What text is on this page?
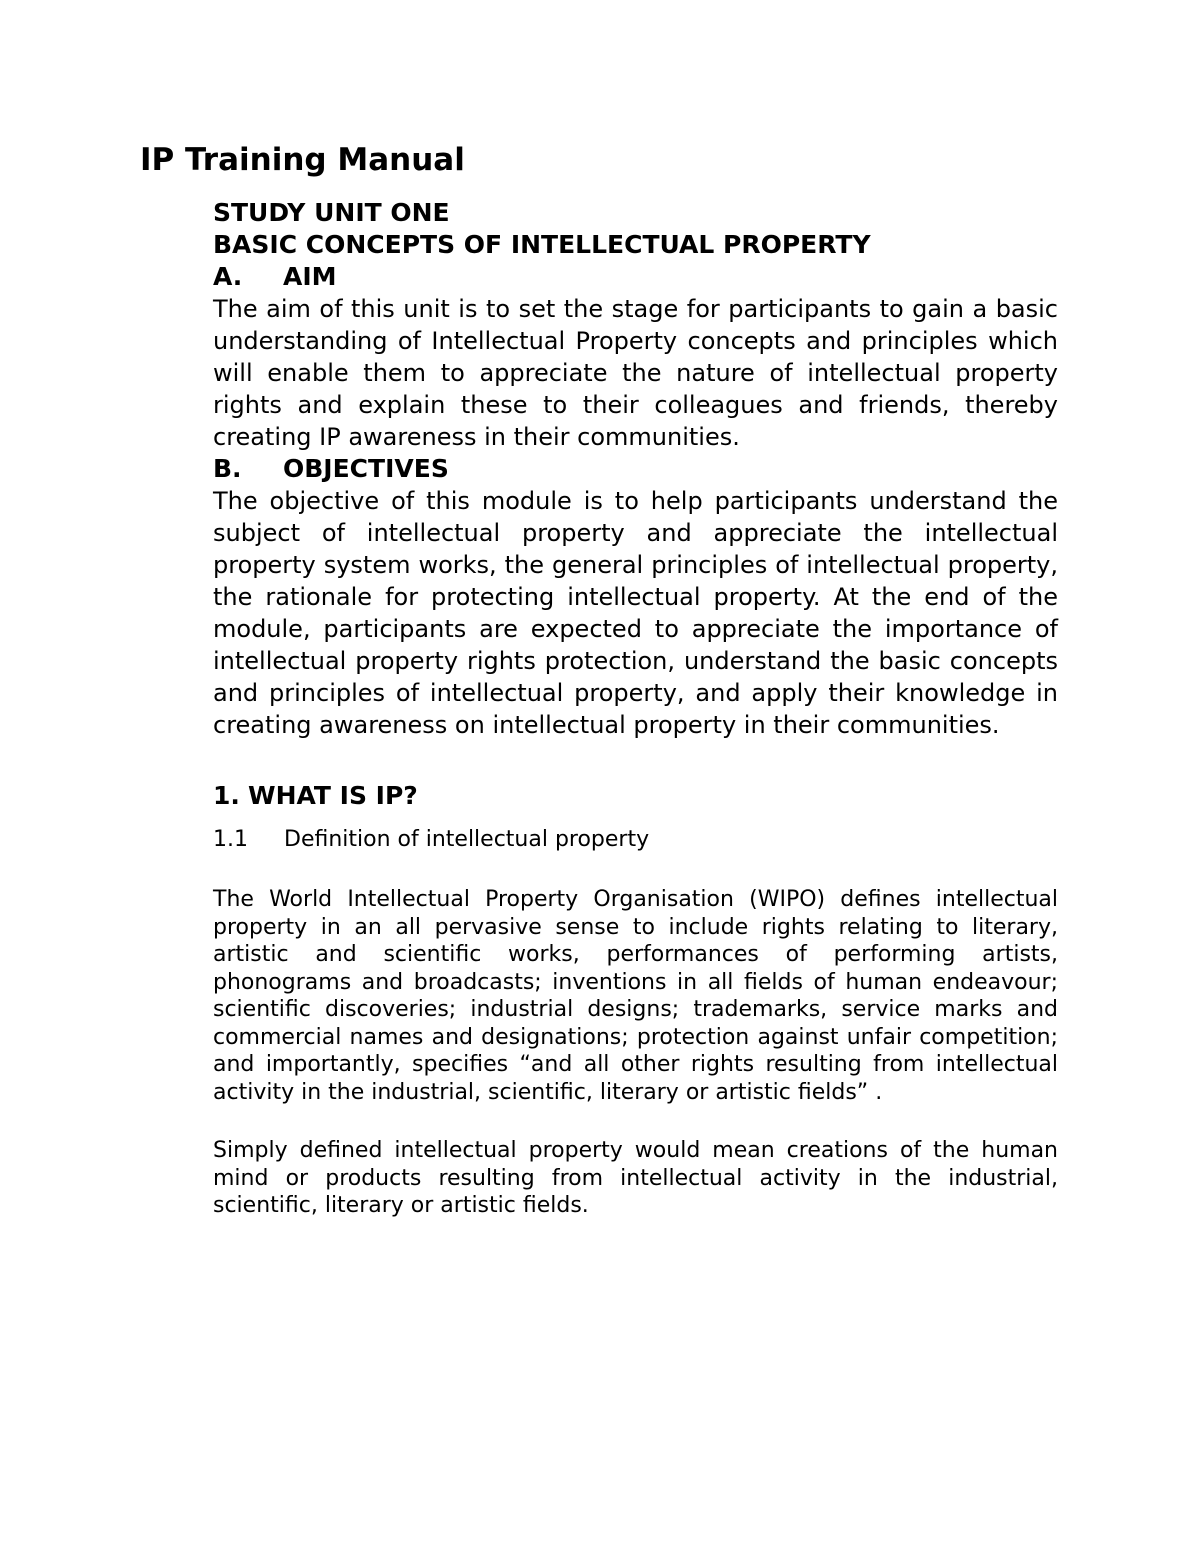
IP Training Manual

STUDY UNIT ONE

BASIC CONCEPTS OF INTELLECTUAL PROPERTY

A.	AIM

The aim of this unit is to set the stage for participants to gain a basic understanding of Intellectual Property concepts and principles which will enable them to appreciate the nature of intellectual property rights and explain these to their colleagues and friends, thereby creating IP awareness in their communities.

B.	OBJECTIVES

The objective of this module is to help participants understand the subject of intellectual property and appreciate the intellectual property system works, the general principles of intellectual property, the rationale for protecting intellectual property. At the end of the module, participants are expected to appreciate the importance of intellectual property rights protection, understand the basic concepts and principles of intellectual property, and apply their knowledge in creating awareness on intellectual property in their communities.

1. WHAT IS IP?
1.1	Definition of intellectual property

The World Intellectual Property Organisation (WIPO) defines intellectual property in an all pervasive sense to include rights relating to literary, artistic and scientific works, performances of performing artists, phonograms and broadcasts; inventions in all fields of human endeavour; scientific discoveries; industrial designs; trademarks, service marks and commercial names and designations; protection against unfair competition; and importantly, specifies “and all other rights resulting from intellectual activity in the industrial, scientific, literary or artistic fields” .

Simply defined intellectual property would mean creations of the human mind or products resulting from intellectual activity in the industrial, scientific, literary or artistic fields.
